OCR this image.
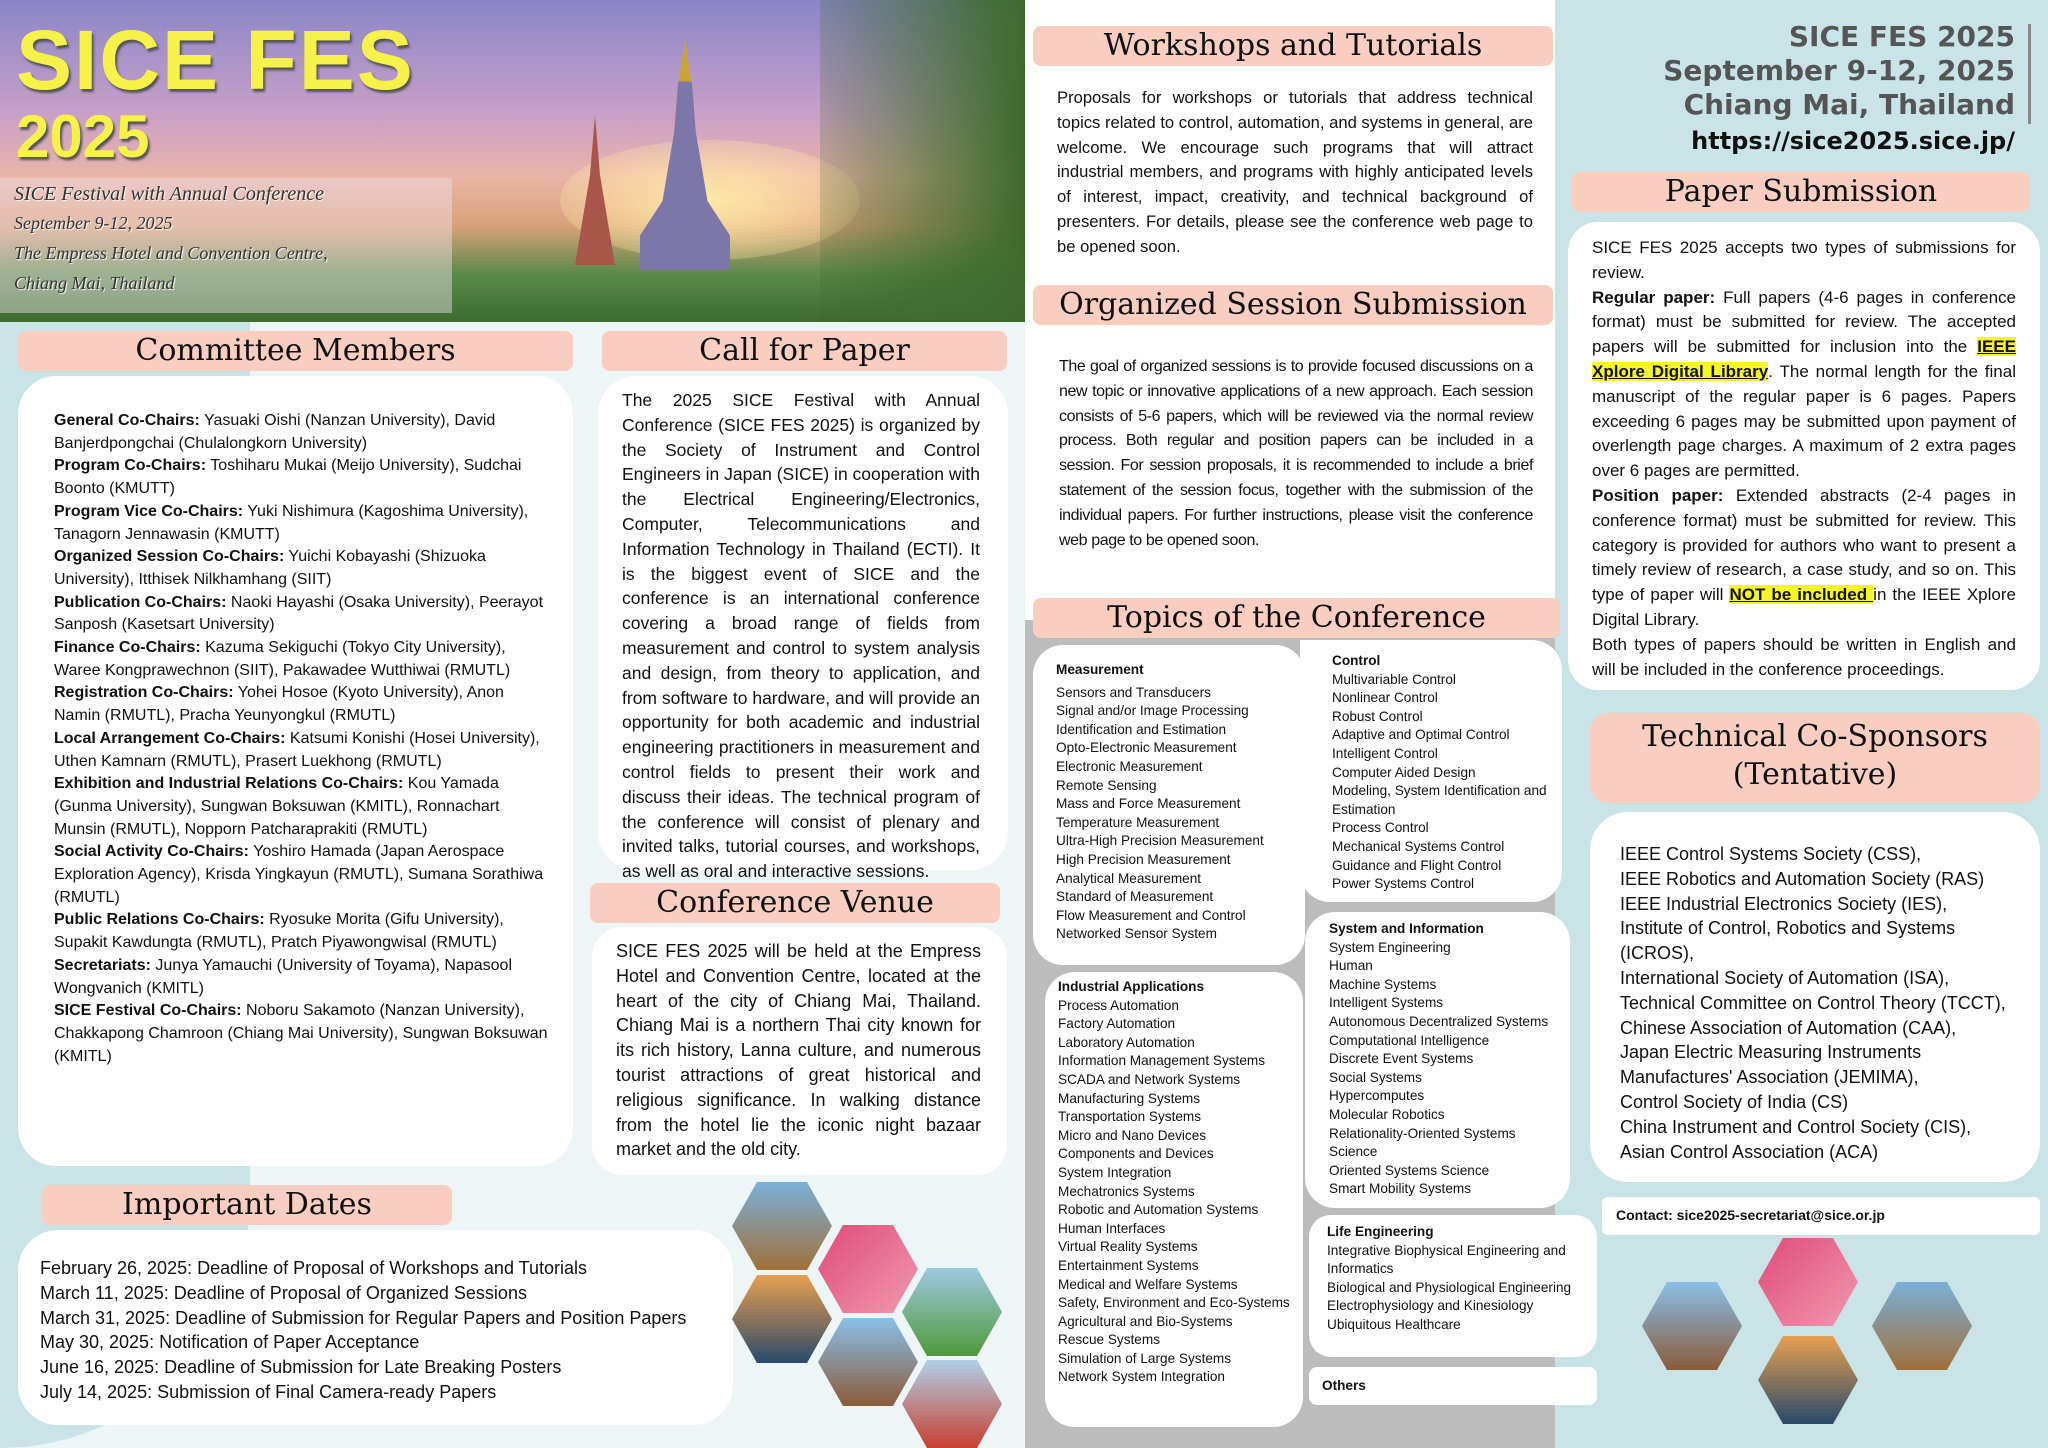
SICE FES
2025
SICE Festival with Annual Conference
September 9-12, 2025
The Empress Hotel and Convention Centre,
Chiang Mai, Thailand
Committee Members

General Co-Chairs: Yasuaki Oishi (Nanzan University), David Banjerdpongchai (Chulalongkorn University)

Program Co-Chairs: Toshiharu Mukai (Meijo University), Sudchai Boonto (KMUTT)

Program Vice Co-Chairs: Yuki Nishimura (Kagoshima University), Tanagorn Jennawasin (KMUTT)

Organized Session Co-Chairs: Yuichi Kobayashi (Shizuoka University), Itthisek Nilkhamhang (SIIT)

Publication Co-Chairs: Naoki Hayashi (Osaka University), Peerayot Sanposh (Kasetsart University)

Finance Co-Chairs: Kazuma Sekiguchi (Tokyo City University), Waree Kongprawechnon (SIIT), Pakawadee Wutthiwai (RMUTL)

Registration Co-Chairs: Yohei Hosoe (Kyoto University), Anon Namin (RMUTL), Pracha Yeunyongkul (RMUTL)

Local Arrangement Co-Chairs: Katsumi Konishi (Hosei University), Uthen Kamnarn (RMUTL), Prasert Luekhong (RMUTL)

Exhibition and Industrial Relations Co-Chairs: Kou Yamada (Gunma University), Sungwan Boksuwan (KMITL), Ronnachart Munsin (RMUTL), Nopporn Patcharaprakiti (RMUTL)

Social Activity Co-Chairs: Yoshiro Hamada (Japan Aerospace Exploration Agency), Krisda Yingkayun (RMUTL), Sumana Sorathiwa (RMUTL)

Public Relations Co-Chairs: Ryosuke Morita (Gifu University), Supakit Kawdungta (RMUTL), Pratch Piyawongwisal (RMUTL)

Secretariats: Junya Yamauchi (University of Toyama), Napasool Wongvanich (KMITL)

SICE Festival Co-Chairs: Noboru Sakamoto (Nanzan University), Chakkapong Chamroon (Chiang Mai University), Sungwan Boksuwan (KMITL)

Call for Paper

The 2025 SICE Festival with Annual Conference (SICE FES 2025) is organized by the Society of Instrument and Control Engineers in Japan (SICE) in cooperation with the Electrical Engineering/Electronics, Computer, Telecommunications and Information Technology in Thailand (ECTI). It is the biggest event of SICE and the conference is an international conference covering a broad range of fields from measurement and control to system analysis and design, from theory to application, and from software to hardware, and will provide an opportunity for both academic and industrial engineering practitioners in measurement and control fields to present their work and discuss their ideas. The technical program of the conference will consist of plenary and invited talks, tutorial courses, and workshops, as well as oral and interactive sessions.

Conference Venue

SICE FES 2025 will be held at the Empress Hotel and Convention Centre, located at the heart of the city of Chiang Mai, Thailand. Chiang Mai is a northern Thai city known for its rich history, Lanna culture, and numerous tourist attractions of great historical and religious significance. In walking distance from the hotel lie the iconic night bazaar market and the old city.

Important Dates
February 26, 2025: Deadline of Proposal of Workshops and Tutorials
March 11, 2025: Deadline of Proposal of Organized Sessions
March 31, 2025: Deadline of Submission for Regular Papers and Position Papers
May 30, 2025: Notification of Paper Acceptance
June 16, 2025: Deadline of Submission for Late Breaking Posters
July 14, 2025: Submission of Final Camera-ready Papers
Workshops and Tutorials

Proposals for workshops or tutorials that address technical topics related to control, automation, and systems in general, are welcome. We encourage such programs that will attract industrial members, and programs with highly anticipated levels of interest, impact, creativity, and technical background of presenters. For details, please see the conference web page to be opened soon.

Organized Session Submission

The goal of organized sessions is to provide focused discussions on a new topic or innovative applications of a new approach. Each session consists of 5-6 papers, which will be reviewed via the normal review process. Both regular and position papers can be included in a session. For session proposals, it is recommended to include a brief statement of the session focus, together with the submission of the individual papers. For further instructions, please visit the conference web page to be opened soon.

Topics of the Conference
Measurement
Sensors and Transducers
Signal and/or Image Processing
Identification and Estimation
Opto-Electronic Measurement
Electronic Measurement
Remote Sensing
Mass and Force Measurement
Temperature Measurement
Ultra-High Precision Measurement
High Precision Measurement
Analytical Measurement
Standard of Measurement
Flow Measurement and Control
Networked Sensor System
Control
Multivariable Control
Nonlinear Control
Robust Control
Adaptive and Optimal Control
Intelligent Control
Computer Aided Design
Modeling, System Identification and Estimation
Process Control
Mechanical Systems Control
Guidance and Flight Control
Power Systems Control
Industrial Applications
Process Automation
Factory Automation
Laboratory Automation
Information Management Systems
SCADA and Network Systems
Manufacturing Systems
Transportation Systems
Micro and Nano Devices
Components and Devices
System Integration
Mechatronics Systems
Robotic and Automation Systems
Human Interfaces
Virtual Reality Systems
Entertainment Systems
Medical and Welfare Systems
Safety, Environment and Eco-Systems
Agricultural and Bio-Systems
Rescue Systems
Simulation of Large Systems
Network System Integration
System and Information
System Engineering
Human
Machine Systems
Intelligent Systems
Autonomous Decentralized Systems
Computational Intelligence
Discrete Event Systems
Social Systems
Hypercomputes
Molecular Robotics
Relationality-Oriented Systems Science
Oriented Systems Science
Smart Mobility Systems
Life Engineering
Integrative Biophysical Engineering and Informatics
Biological and Physiological Engineering
Electrophysiology and Kinesiology
Ubiquitous Healthcare
Others
SICE FES 2025
September 9-12, 2025
Chiang Mai, Thailand
https://sice2025.sice.jp/
Paper Submission

SICE FES 2025 accepts two types of submissions for review.

Regular paper: Full papers (4-6 pages in conference format) must be submitted for review. The accepted papers will be submitted for inclusion into the IEEE Xplore Digital Library. The normal length for the final manuscript of the regular paper is 6 pages. Papers exceeding 6 pages may be submitted upon payment of overlength page charges. A maximum of 2 extra pages over 6 pages are permitted.

Position paper: Extended abstracts (2-4 pages in conference format) must be submitted for review. This category is provided for authors who want to present a timely review of research, a case study, and so on. This type of paper will NOT be included in the IEEE Xplore Digital Library.

Both types of papers should be written in English and will be included in the conference proceedings.

Technical Co-Sponsors
(Tentative)
IEEE Control Systems Society (CSS),
IEEE Robotics and Automation Society (RAS)
IEEE Industrial Electronics Society (IES),
Institute of Control, Robotics and Systems (ICROS),
International Society of Automation (ISA),
Technical Committee on Control Theory (TCCT),
Chinese Association of Automation (CAA),
Japan Electric Measuring Instruments Manufactures' Association (JEMIMA),
Control Society of India (CS)
China Instrument and Control Society (CIS),
Asian Control Association (ACA)
Contact: sice2025-secretariat@sice.or.jp
